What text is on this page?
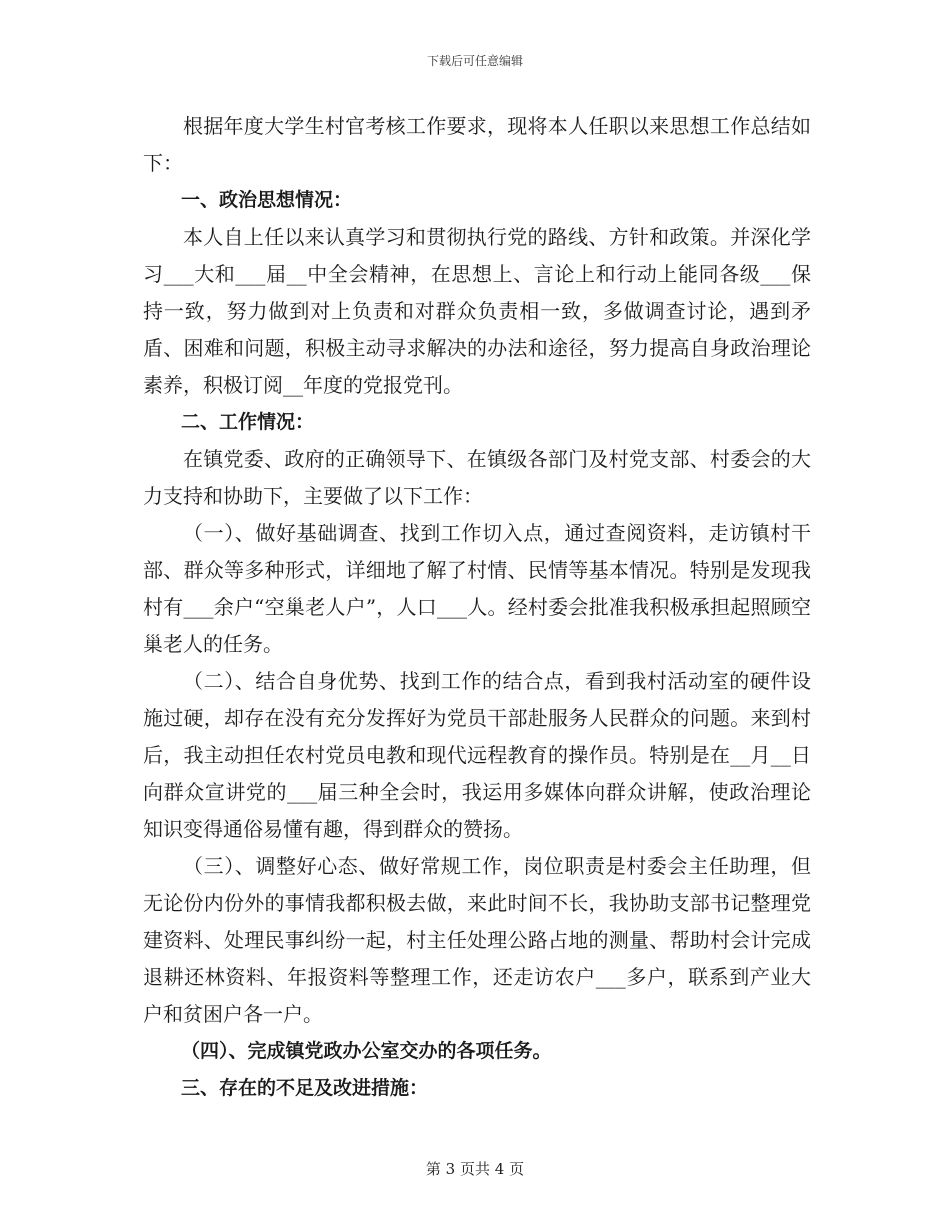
下载后可任意编辑

根据年度大学生村官考核工作要求，现将本人任职以来思想工作总结如下：

一、政治思想情况：

本人自上任以来认真学习和贯彻执行党的路线、方针和政策。并深化学习___大和___届__中全会精神，在思想上、言论上和行动上能同各级___保持一致，努力做到对上负责和对群众负责相一致，多做调查讨论，遇到矛盾、困难和问题，积极主动寻求解决的办法和途径，努力提高自身政治理论素养，积极订阅__年度的党报党刊。

二、工作情况：

在镇党委、政府的正确领导下、在镇级各部门及村党支部、村委会的大力支持和协助下，主要做了以下工作：

（一）、做好基础调查、找到工作切入点，通过查阅资料，走访镇村干部、群众等多种形式，详细地了解了村情、民情等基本情况。特别是发现我村有___余户“空巢老人户”，人口___人。经村委会批准我积极承担起照顾空巢老人的任务。

（二）、结合自身优势、找到工作的结合点，看到我村活动室的硬件设施过硬，却存在没有充分发挥好为党员干部赴服务人民群众的问题。来到村后，我主动担任农村党员电教和现代远程教育的操作员。特别是在__月__日向群众宣讲党的___届三种全会时，我运用多媒体向群众讲解，使政治理论知识变得通俗易懂有趣，得到群众的赞扬。

（三）、调整好心态、做好常规工作，岗位职责是村委会主任助理，但无论份内份外的事情我都积极去做，来此时间不长，我协助支部书记整理党建资料、处理民事纠纷一起，村主任处理公路占地的测量、帮助村会计完成退耕还林资料、年报资料等整理工作，还走访农户___多户，联系到产业大户和贫困户各一户。

（四）、完成镇党政办公室交办的各项任务。

三、存在的不足及改进措施：

第 3 页共 4 页
